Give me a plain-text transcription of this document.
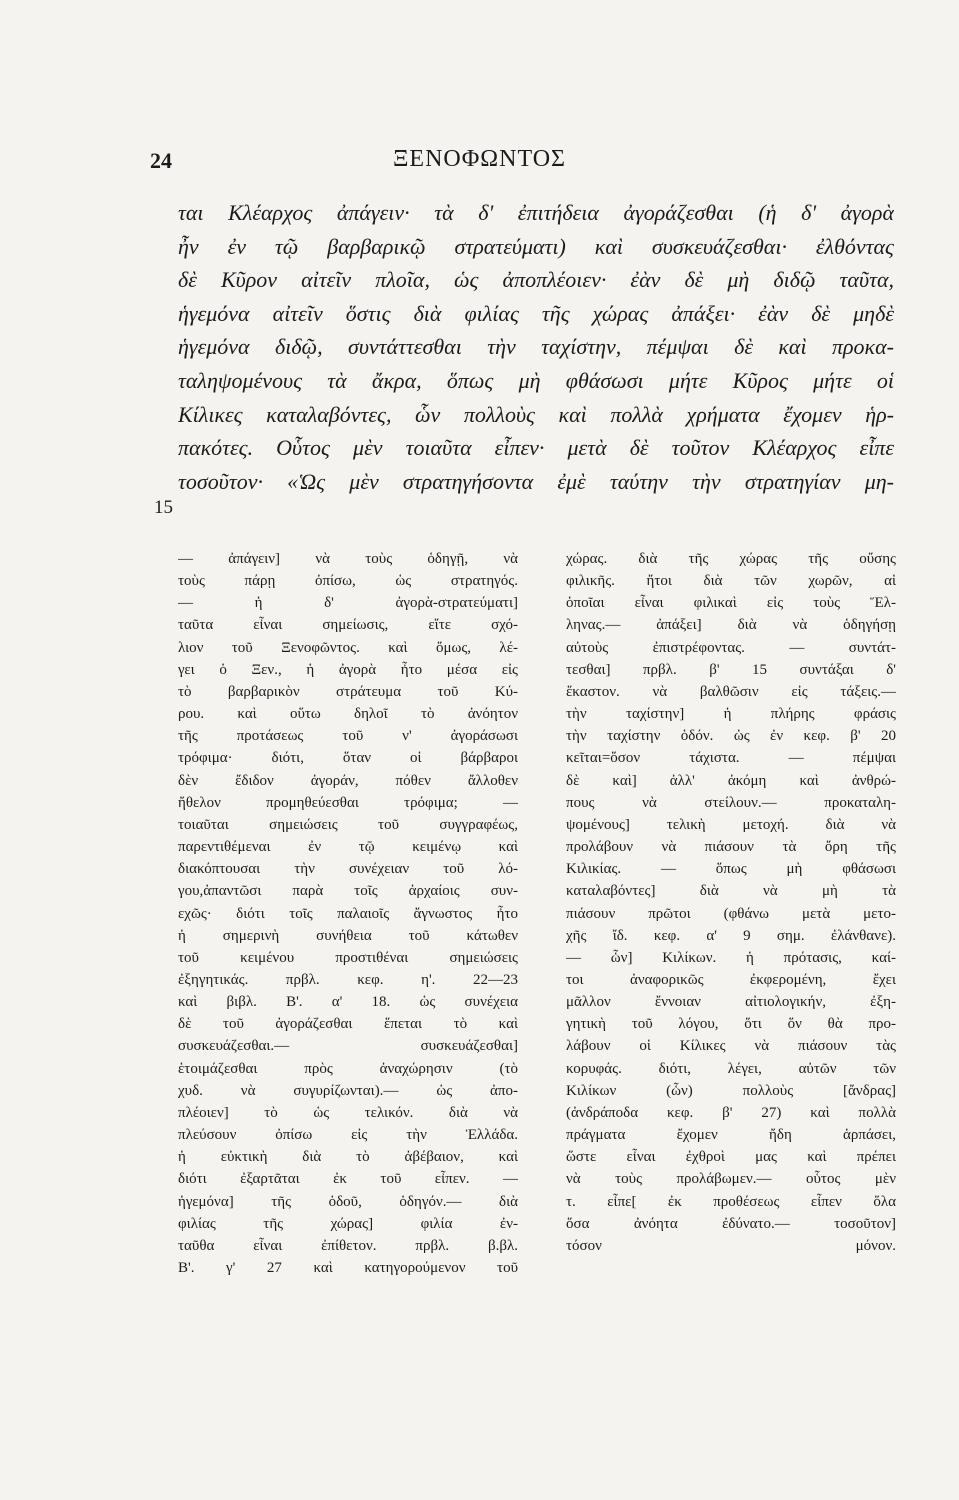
24	ΞΕΝΟΦΩΝΤΟΣ
ται Κλέαρχος ἀπάγειν· τὰ δ' ἐπιτήδεια ἀγοράζεσθαι (ἡ δ' ἀγορὰ
ἦν ἐν τῷ βαρβαρικῷ στρατεύματι) καὶ συσκευάζεσθαι· ἐλθόντας
δὲ Κῦρον αἰτεῖν πλοῖα, ὡς ἀποπλέοιεν· ἐὰν δὲ μὴ διδῷ ταῦτα,
ἡγεμόνα αἰτεῖν ὅστις διὰ φιλίας τῆς χώρας ἀπάξει· ἐὰν δὲ μηδὲ
ἡγεμόνα διδῷ, συντάττεσθαι τὴν ταχίστην, πέμψαι δὲ καὶ προκα-
ταληψομένους τὰ ἄκρα, ὅπως μὴ φθάσωσι μήτε Κῦρος μήτε οἱ
Κίλικες καταλαβόντες, ὧν πολλοὺς καὶ πολλὰ χρήματα ἔχομεν ἡρ-
πακότες. Οὗτος μὲν τοιαῦτα εἶπεν· μετὰ δὲ τοῦτον Κλέαρχος εἶπε
τοσοῦτον· «Ὡς μὲν στρατηγήσοντα ἐμὲ ταύτην τὴν στρατηγίαν μη-
15
— ἀπάγειν] νὰ τοὺς ὁδηγῇ, νὰ
τοὺς πάρῃ ὀπίσω, ὡς στρατηγός.
— ἡ δ' ἀγορὰ-στρατεύματι]
ταῦτα εἶναι σημείωσις, εἴτε σχό-
λιον τοῦ Ξενοφῶντος. καὶ ὅμως, λέ-
γει ὁ Ξεν., ἡ ἀγορὰ ἦτο μέσα εἰς
τὸ βαρβαρικὸν στράτευμα τοῦ Κύ-
ρου. καὶ οὕτω δηλοῖ τὸ ἀνόητον
τῆς προτάσεως τοῦ ν' ἀγοράσωσι
τρόφιμα· διότι, ὅταν οἱ βάρβαροι
δὲν ἔδιδον ἀγοράν, πόθεν ἄλλοθεν
ἤθελον προμηθεύεσθαι τρόφιμα; —
τοιαῦται σημειώσεις τοῦ συγγραφέως,
παρεντιθέμεναι ἐν τῷ κειμένῳ καὶ
διακόπτουσαι τὴν συνέχειαν τοῦ λό-
γου,ἀπαντῶσι παρὰ τοῖς ἀρχαίοις συν-
εχῶς· διότι τοῖς παλαιοῖς ἄγνωστος ἦτο
ἡ σημερινὴ συνήθεια τοῦ κάτωθεν
τοῦ κειμένου προστιθέναι σημειώσεις
ἐξηγητικάς. πρβλ. κεφ. η'. 22—23
καὶ βιβλ. Β'. α' 18. ὡς συνέχεια
δὲ τοῦ ἀγοράζεσθαι ἕπεται τὸ καὶ
συσκευάζεσθαι.— συσκευάζεσθαι]
ἑτοιμάζεσθαι πρὸς ἀναχώρησιν (τὸ
χυδ. νὰ συγυρίζωνται).— ὡς ἀπο-
πλέοιεν] τὸ ὡς τελικόν. διὰ νὰ
πλεύσουν ὀπίσω εἰς τὴν Ἑλλάδα.
ἡ εὐκτικὴ διὰ τὸ ἀβέβαιον, καὶ
διότι ἐξαρτᾶται ἐκ τοῦ εἶπεν. —
ἡγεμόνα] τῆς ὁδοῦ, ὁδηγόν.— διὰ
φιλίας τῆς χώρας] φιλία ἐν-
ταῦθα εἶναι ἐπίθετον. πρβλ. β.βλ.
Β'. γ' 27 καὶ κατηγορούμενον τοῦ
χώρας. διὰ τῆς χώρας τῆς οὔσης
φιλικῆς. ἤτοι διὰ τῶν χωρῶν, αἱ
ὁποῖαι εἶναι φιλικαὶ εἰς τοὺς Ἕλ-
ληνας.— ἀπάξει] διὰ νὰ ὁδηγήσῃ
αὐτοὺς ἐπιστρέφοντας. — συντάτ-
τεσθαι] πρβλ. β' 15 συντάξαι δ'
ἕκαστον. νὰ βαλθῶσιν εἰς τάξεις.—
τὴν ταχίστην] ἡ πλήρης φράσις
τὴν ταχίστην ὁδόν. ὡς ἐν κεφ. β' 20
κεῖται=ὅσον τάχιστα. — πέμψαι
δὲ καὶ] ἀλλ' ἀκόμη καὶ ἀνθρώ-
πους νὰ στείλουν.— προκαταλη-
ψομένους] τελικὴ μετοχή. διὰ νὰ
προλάβουν νὰ πιάσουν τὰ ὄρη τῆς
Κιλικίας. — ὅπως μὴ φθάσωσι
καταλαβόντες] διὰ νὰ μὴ τὰ
πιάσουν πρῶτοι (φθάνω μετὰ μετο-
χῆς ἴδ. κεφ. α' 9 σημ. ἐλάνθανε).
— ὧν] Κιλίκων. ἡ πρότασις, καί-
τοι ἀναφορικῶς ἐκφερομένη, ἔχει
μᾶλλον ἔννοιαν αἰτιολογικήν, ἐξη-
γητικὴ τοῦ λόγου, ὅτι ὅν θὰ προ-
λάβουν οἱ Κίλικες νὰ πιάσουν τὰς
κορυφάς. διότι, λέγει, αὐτῶν τῶν
Κιλίκων (ὧν) πολλοὺς [ἄνδρας]
(ἀνδράποδα κεφ. β' 27) καὶ πολλὰ
πράγματα ἔχομεν ἤδη ἁρπάσει,
ὥστε εἶναι ἐχθροὶ μας καὶ πρέπει
νὰ τοὺς προλάβωμεν.— οὗτος μὲν
τ. εἶπε[ ἐκ προθέσεως εἶπεν ὅλα
ὅσα ἀνόητα ἐδύνατο.— τοσοῦτον]
τόσον μόνον.
